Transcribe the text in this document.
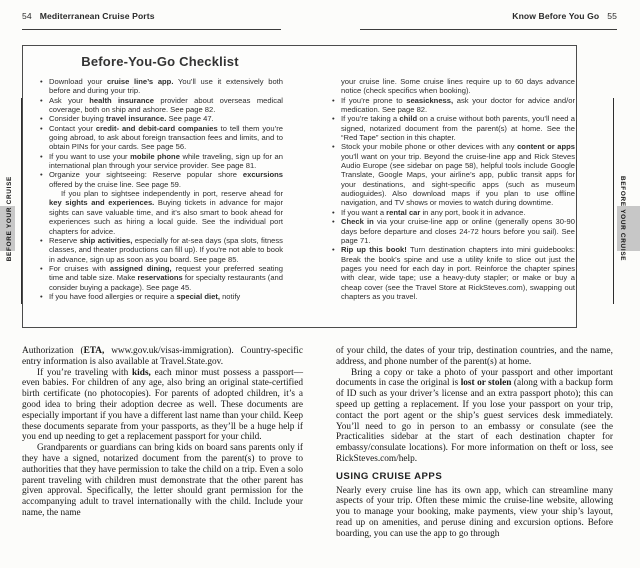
BEFORE YOUR CRUISE	BEFORE YOUR CRUISE
54 Mediterranean Cruise Ports	Know Before You Go 55
Before-You-Go Checklist
• Download your cruise line’s app. You’ll use it extensively both before and during your trip.
• Ask your health insurance provider about overseas medical coverage, both on ship and ashore. See page 82.
• Consider buying travel insurance. See page 47.
• Contact your credit- and debit-card companies to tell them you’re going abroad, to ask about foreign transaction fees and limits, and to obtain PINs for your cards. See page 56.
• If you want to use your mobile phone while traveling, sign up for an international plan through your service provider. See page 81.
• Organize your sightseeing: Reserve popular shore excursions offered by the cruise line. See page 59.
If you plan to sightsee independently in port, reserve ahead for key sights and experiences. Buying tickets in advance for major sights can save valuable time, and it’s also smart to book ahead for experiences such as hiring a local guide. See the individual port chapters for advice.
• Reserve ship activities, especially for at-sea days (spa slots, fitness classes, and theater productions can fill up). If you’re not able to book in advance, sign up as soon as you board. See page 85.
• For cruises with assigned dining, request your preferred seating time and table size. Make reservations for specialty restaurants (and consider buying a package). See page 45.
• If you have food allergies or require a special diet, notify
your cruise line. Some cruise lines require up to 60 days advance notice (check specifics when booking).
• If you’re prone to seasickness, ask your doctor for advice and/or medication. See page 82.
• If you’re taking a child on a cruise without both parents, you’ll need a signed, notarized document from the parent(s) at home. See the “Red Tape” section in this chapter.
• Stock your mobile phone or other devices with any content or apps you’ll want on your trip. Beyond the cruise-line app and Rick Steves Audio Europe (see sidebar on page 58), helpful tools include Google Translate, Google Maps, your airline’s app, public transit apps for your destinations, and sight-specific apps (such as museum audioguides). Also download maps if you plan to use offline navigation, and TV shows or movies to watch during downtime.
• If you want a rental car in any port, book it in advance.
• Check in via your cruise-line app or online (generally opens 30-90 days before departure and closes 24-72 hours before you sail). See page 71.
• Rip up this book! Turn destination chapters into mini guidebooks: Break the book’s spine and use a utility knife to slice out just the pages you need for each day in port. Reinforce the chapter spines with clear, wide tape; use a heavy-duty stapler; or make or buy a cheap cover (see the Travel Store at RickSteves.com), swapping out chapters as you travel.
Authorization (ETA, www.gov.uk/visas-immigration). Country-specific entry information is also available at Travel.State.gov.
If you’re traveling with kids, each minor must possess a passport—even babies. For children of any age, also bring an original state-certified birth certificate (no photocopies). For parents of adopted children, it’s a good idea to bring their adoption decree as well. These documents are especially important if you have a different last name than your child. Keep these documents separate from your passports, as they’ll be a huge help if you end up needing to get a replacement passport for your child.
Grandparents or guardians can bring kids on board sans parents only if they have a signed, notarized document from the parent(s) to prove to authorities that they have permission to take the child on a trip. Even a solo parent traveling with children must demonstrate that the other parent has given approval. Specifically, the letter should grant permission for the accompanying adult to travel internationally with the child. Include your name, the name
of your child, the dates of your trip, destination countries, and the name, address, and phone number of the parent(s) at home.
Bring a copy or take a photo of your passport and other important documents in case the original is lost or stolen (along with a backup form of ID such as your driver’s license and an extra passport photo); this can speed up getting a replacement. If you lose your passport on your trip, contact the port agent or the ship’s guest services desk immediately. You’ll need to go in person to an embassy or consulate (see the Practicalities sidebar at the start of each destination chapter for embassy/consulate locations). For more information on theft or loss, see RickSteves.com/help.
USING CRUISE APPS
Nearly every cruise line has its own app, which can streamline many aspects of your trip. Often these mimic the cruise-line website, allowing you to manage your booking, make payments, view your ship’s layout, read up on amenities, and peruse dining and excursion options. Before boarding, you can use the app to go through
